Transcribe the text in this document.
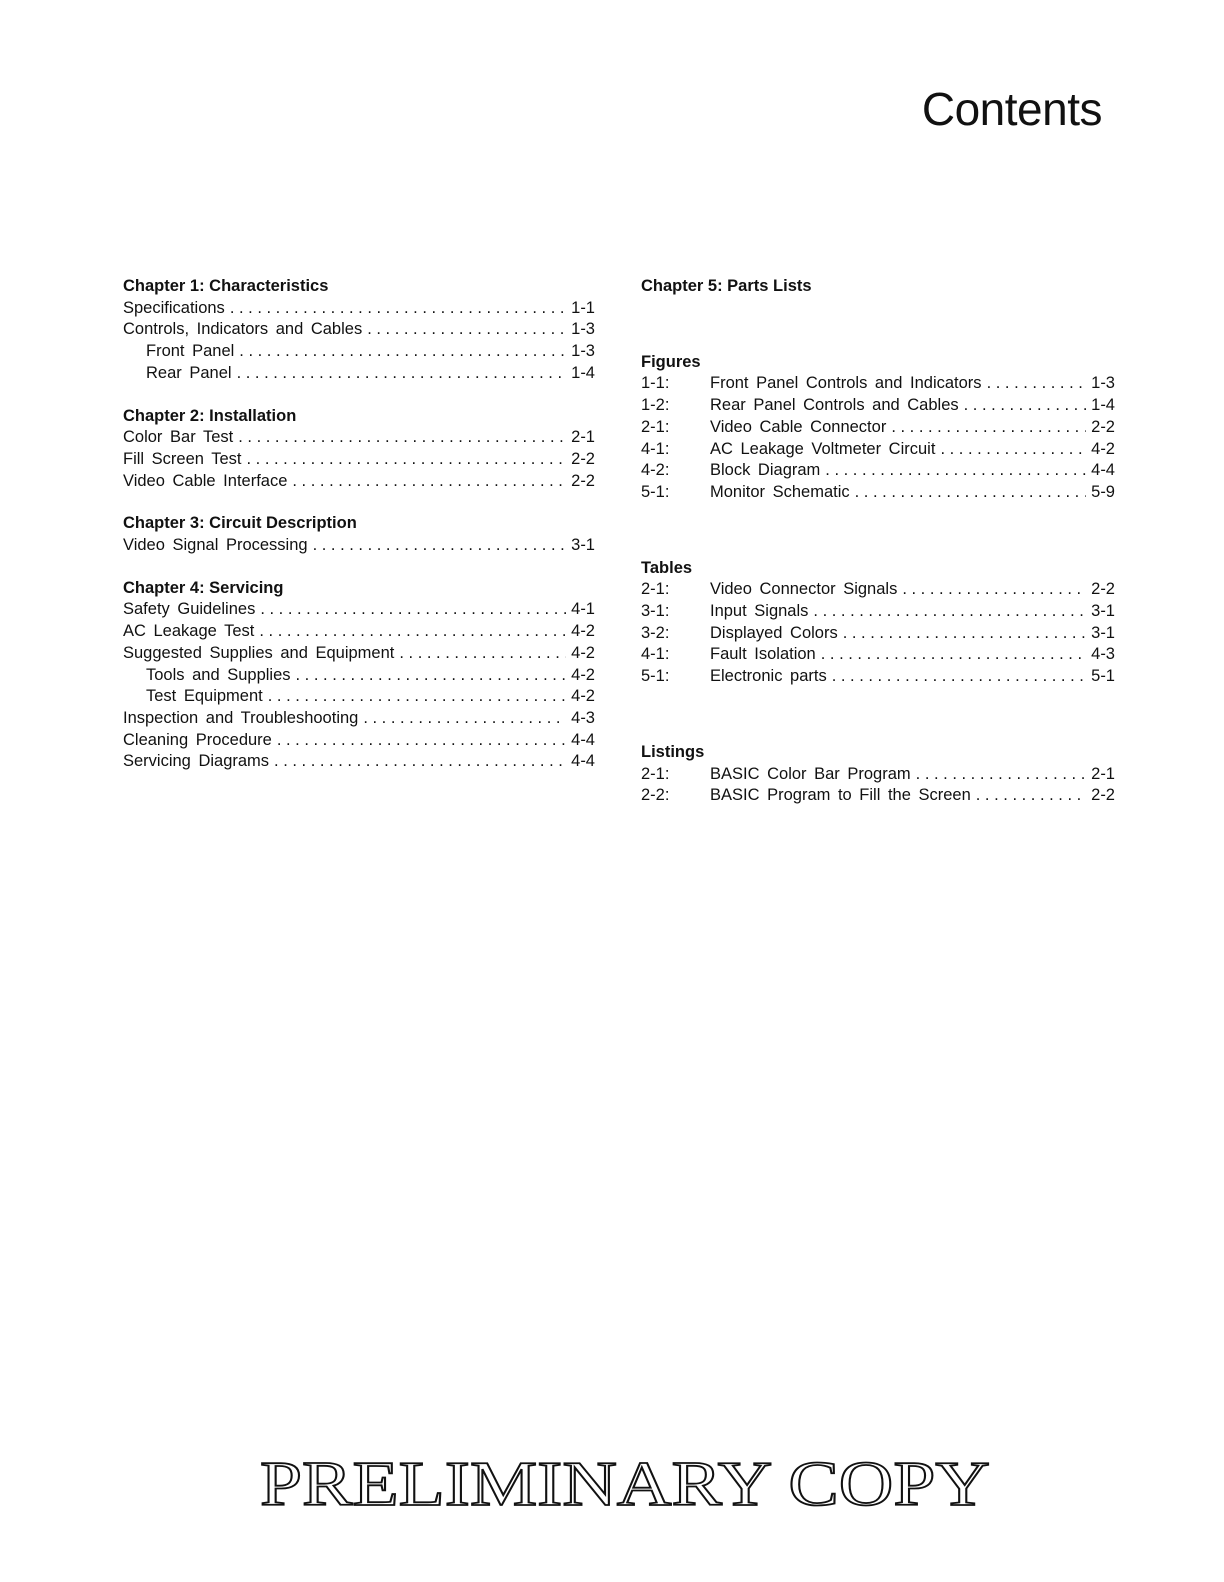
Contents
Chapter 1: Characteristics
Specifications . . .	1-1
Controls, Indicators and Cables . . .	1-3
Front Panel . . .	1-3
Rear Panel . . .	1-4
Chapter 2: Installation
Color Bar Test . . .	2-1
Fill Screen Test . . .	2-2
Video Cable Interface . . .	2-2
Chapter 3: Circuit Description
Video Signal Processing . . .	3-1
Chapter 4: Servicing
Safety Guidelines . . .	4-1
AC Leakage Test . . .	4-2
Suggested Supplies and Equipment . . .	4-2
Tools and Supplies . . .	4-2
Test Equipment . . .	4-2
Inspection and Troubleshooting . . .	4-3
Cleaning Procedure . . .	4-4
Servicing Diagrams . . .	4-4
Chapter 5: Parts Lists
Figures
1-1:	Front Panel Controls and Indicators . . .	1-3
1-2:	Rear Panel Controls and Cables . . .	1-4
2-1:	Video Cable Connector . . .	2-2
4-1:	AC Leakage Voltmeter Circuit . . .	4-2
4-2:	Block Diagram . . .	4-4
5-1:	Monitor Schematic . . .	5-9
Tables
2-1:	Video Connector Signals . . .	2-2
3-1:	Input Signals . . .	3-1
3-2:	Displayed Colors . . .	3-1
4-1:	Fault Isolation . . .	4-3
5-1:	Electronic parts . . .	5-1
Listings
2-1:	BASIC Color Bar Program . . .	2-1
2-2:	BASIC Program to Fill the Screen . . .	2-2
PRELIMINARY COPY
